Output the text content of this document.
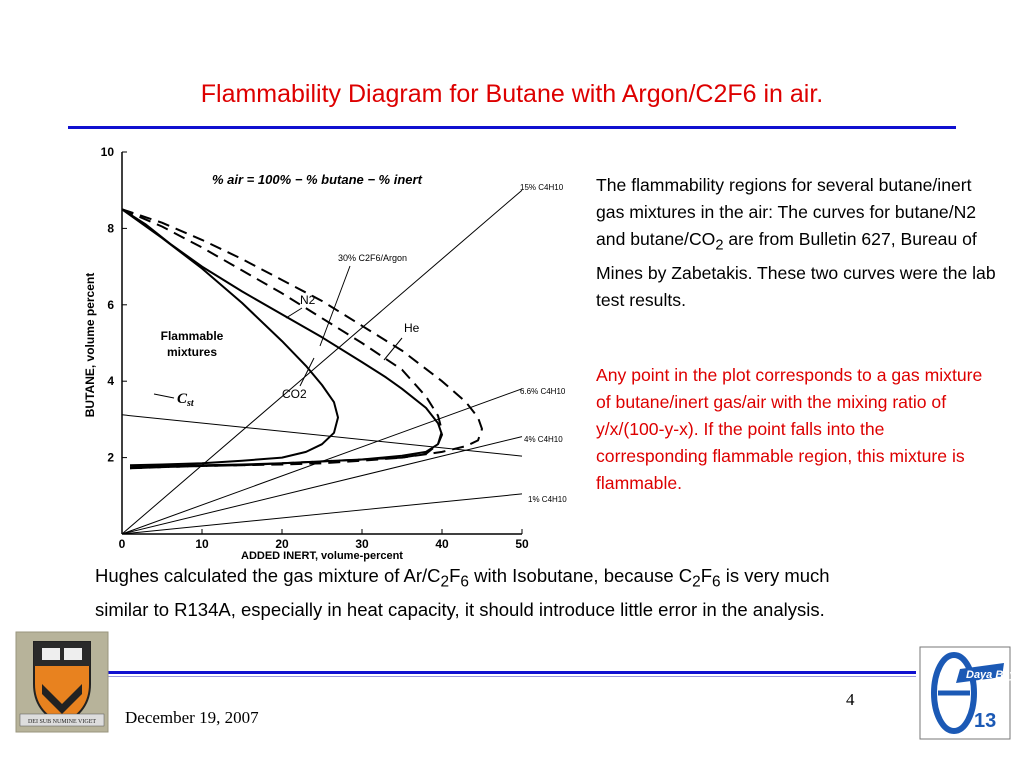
Flammability Diagram for Butane with Argon/C2F6 in air.
0	10	20	30	40	50
2
4
6
8
10
% air = 100% − % butane − % inert
Flammable
mixtures
ADDED INERT, volume-percent
BUTANE, volume percent	$C_{st}$
CO2
N2
He
30% C2F6/Argon
15% C4H10
6.6% C4H10
4% C4H10
1% C4H10
The flammability regions for several butane/inert gas mixtures in the air: The curves for butane/N2 and butane/$CO_2$ are from Bulletin 627, Bureau of Mines by Zabetakis. These two curves were the lab test results.
Any point in the plot corresponds to a gas mixture of butane/inert gas/air with the mixing ratio of y/x/(100-y-x). If the point falls into the corresponding flammable region, this mixture is flammable.
Hughes calculated the gas mixture of $Ar/C_2F_6$ with Isobutane, because $C_2F_6$ is very much similar to R134A, especially in heat capacity, it should introduce little error in the analysis.
4
December 19, 2007
DEI SUB NUMINE VIGET
Daya Bay
13
